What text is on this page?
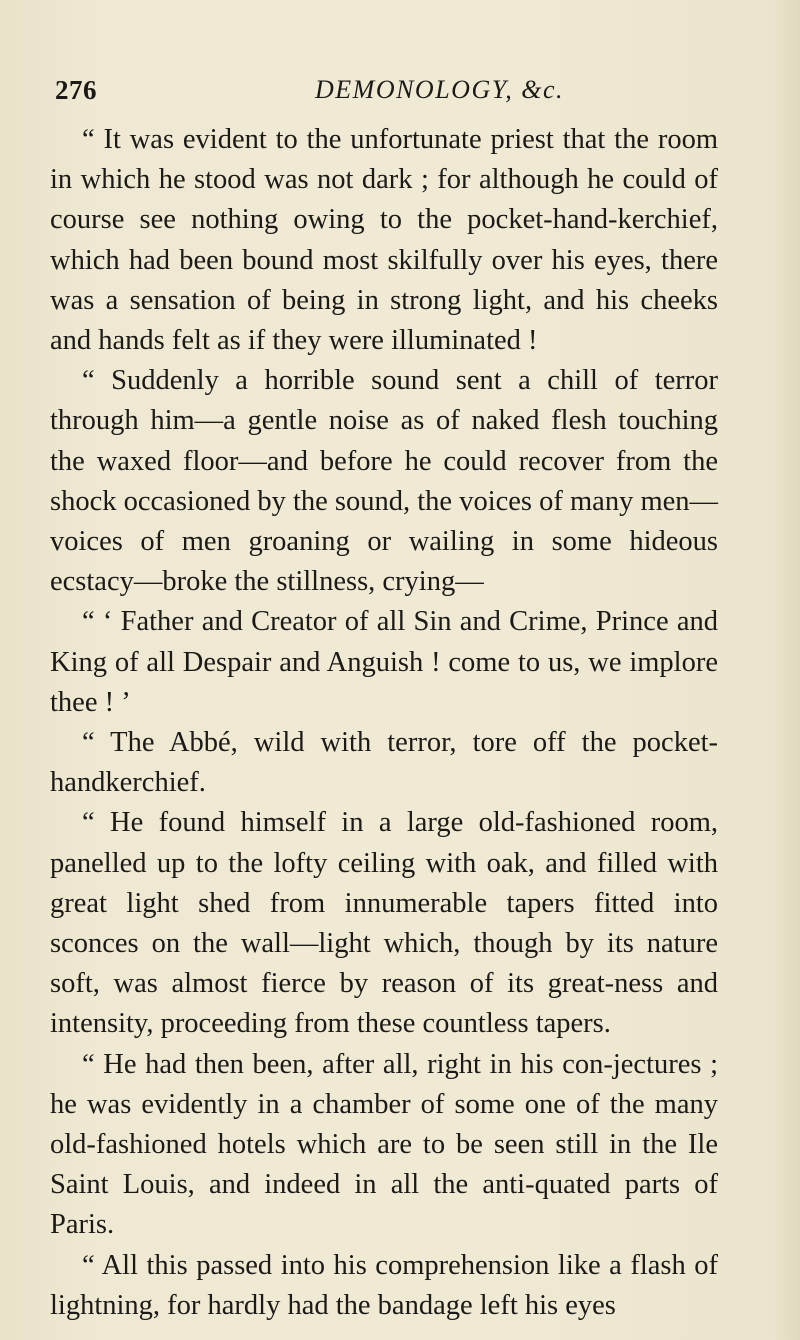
276	DEMONOLOGY, &c.

“ It was evident to the unfortunate priest that the room in which he stood was not dark ; for although he could of course see nothing owing to the pocket-hand-kerchief, which had been bound most skilfully over his eyes, there was a sensation of being in strong light, and his cheeks and hands felt as if they were illuminated !

“ Suddenly a horrible sound sent a chill of terror through him—a gentle noise as of naked flesh touching the waxed floor—and before he could recover from the shock occasioned by the sound, the voices of many men—voices of men groaning or wailing in some hideous ecstacy—broke the stillness, crying—

“ ‘ Father and Creator of all Sin and Crime, Prince and King of all Despair and Anguish ! come to us, we implore thee ! ’

“ The Abbé, wild with terror, tore off the pocket-handkerchief.

“ He found himself in a large old-fashioned room, panelled up to the lofty ceiling with oak, and filled with great light shed from innumerable tapers fitted into sconces on the wall—light which, though by its nature soft, was almost fierce by reason of its great-ness and intensity, proceeding from these countless tapers.

“ He had then been, after all, right in his con-jectures ; he was evidently in a chamber of some one of the many old-fashioned hotels which are to be seen still in the Ile Saint Louis, and indeed in all the anti-quated parts of Paris.

“ All this passed into his comprehension like a flash of lightning, for hardly had the bandage left his eyes
